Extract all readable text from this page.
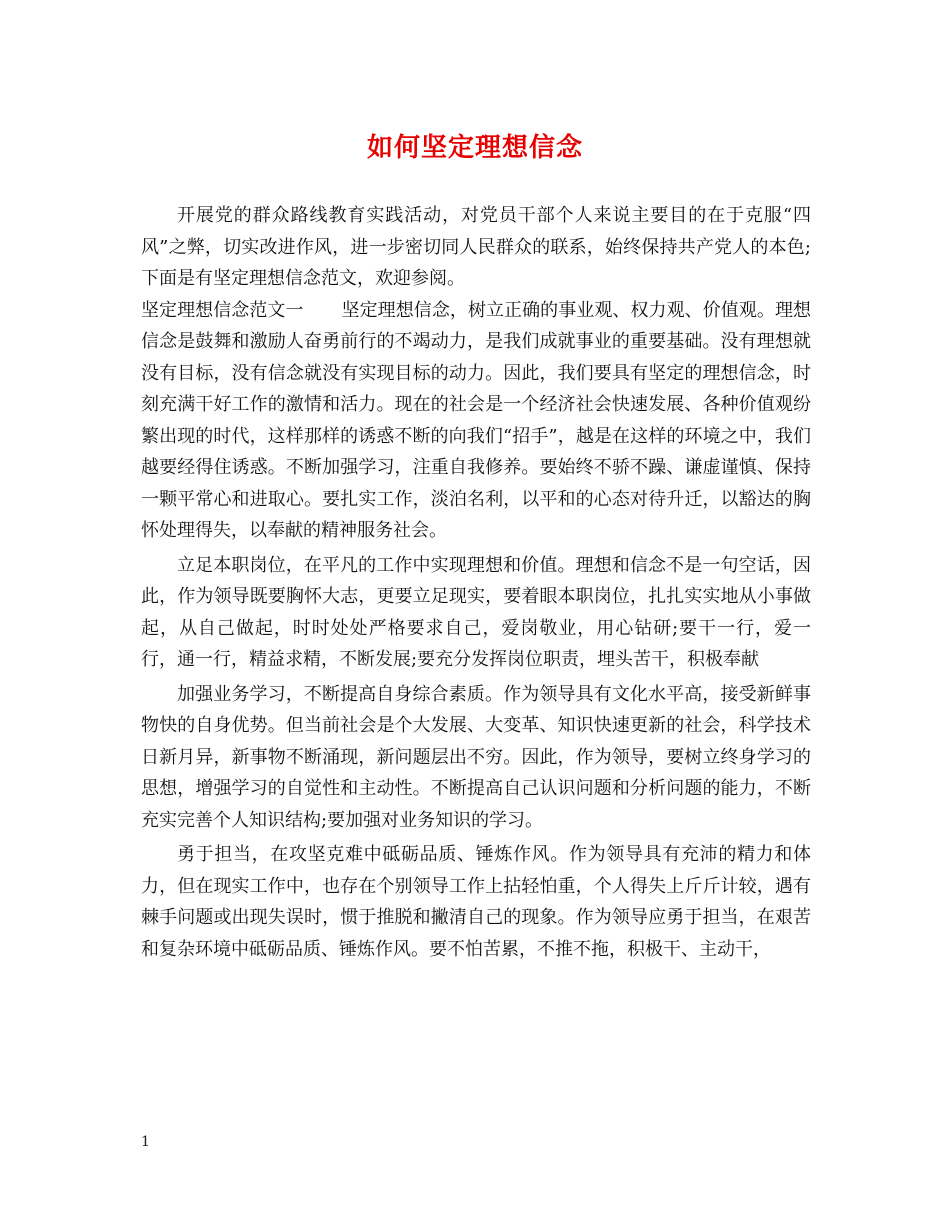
如何坚定理想信念

开展党的群众路线教育实践活动，对党员干部个人来说主要目的在于克服“四风”之弊，切实改进作风，进一步密切同人民群众的联系，始终保持共产党人的本色;下面是有坚定理想信念范文，欢迎参阅。

坚定理想信念范文一 坚定理想信念，树立正确的事业观、权力观、价值观。理想信念是鼓舞和激励人奋勇前行的不竭动力，是我们成就事业的重要基础。没有理想就没有目标，没有信念就没有实现目标的动力。因此，我们要具有坚定的理想信念，时刻充满干好工作的激情和活力。现在的社会是一个经济社会快速发展、各种价值观纷繁出现的时代，这样那样的诱惑不断的向我们“招手”，越是在这样的环境之中，我们越要经得住诱惑。不断加强学习，注重自我修养。要始终不骄不躁、谦虚谨慎、保持一颗平常心和进取心。要扎实工作，淡泊名利，以平和的心态对待升迁，以豁达的胸怀处理得失，以奉献的精神服务社会。

立足本职岗位，在平凡的工作中实现理想和价值。理想和信念不是一句空话，因此，作为领导既要胸怀大志，更要立足现实，要着眼本职岗位，扎扎实实地从小事做起，从自己做起，时时处处严格要求自己，爱岗敬业，用心钻研;要干一行，爱一行，通一行，精益求精，不断发展;要充分发挥岗位职责，埋头苦干，积极奉献

加强业务学习，不断提高自身综合素质。作为领导具有文化水平高，接受新鲜事物快的自身优势。但当前社会是个大发展、大变革、知识快速更新的社会，科学技术日新月异，新事物不断涌现，新问题层出不穷。因此，作为领导，要树立终身学习的思想，增强学习的自觉性和主动性。不断提高自己认识问题和分析问题的能力，不断充实完善个人知识结构;要加强对业务知识的学习。

勇于担当，在攻坚克难中砥砺品质、锤炼作风。作为领导具有充沛的精力和体力，但在现实工作中，也存在个别领导工作上拈轻怕重，个人得失上斤斤计较，遇有棘手问题或出现失误时，惯于推脱和撇清自己的现象。作为领导应勇于担当，在艰苦和复杂环境中砥砺品质、锤炼作风。要不怕苦累，不推不拖，积极干、主动干，

1
